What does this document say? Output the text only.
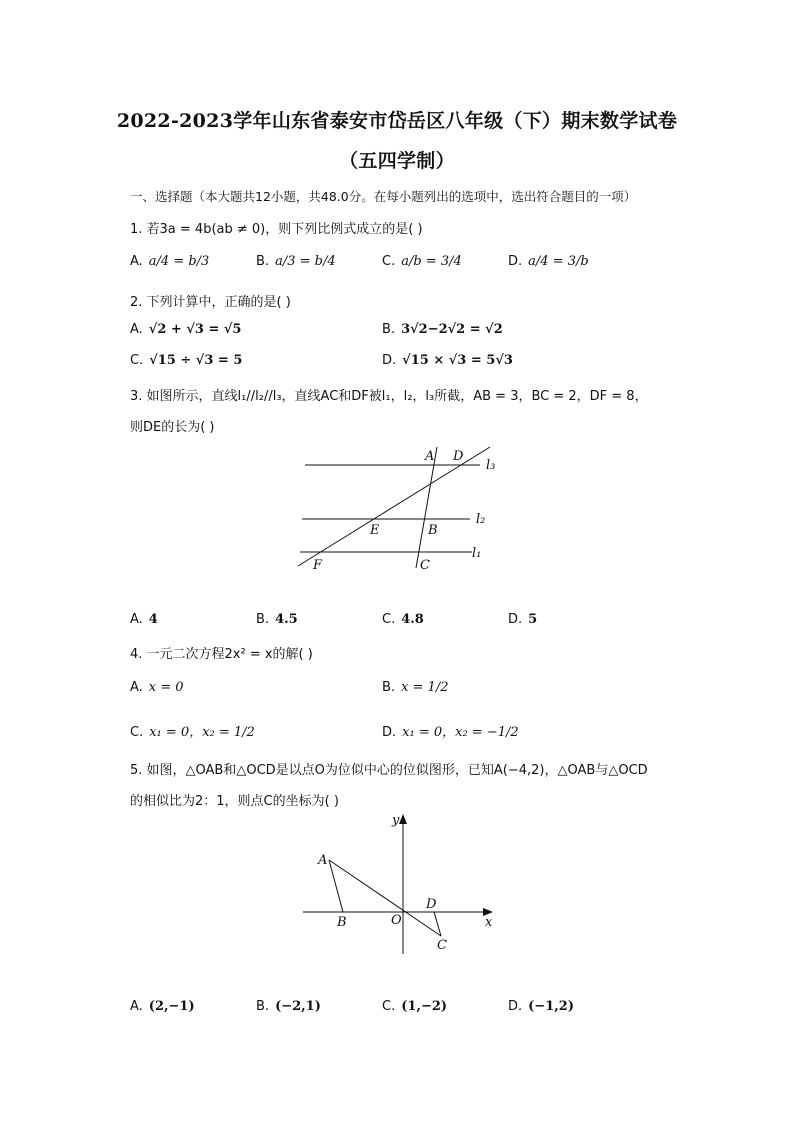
2022-2023学年山东省泰安市岱岳区八年级（下）期末数学试卷
（五四学制）
一、选择题（本大题共12小题，共48.0分。在每小题列出的选项中，选出符合题目的一项）
1. 若3a = 4b(ab ≠ 0)，则下列比例式成立的是( )
A. a/4 = b/3	B. a/3 = b/4	C. a/b = 3/4	D. a/4 = 3/b
2. 下列计算中，正确的是( )
A. √2 + √3 = √5	B. 3√2−2√2 = √2
C. √15 ÷ √3 = 5	D. √15 × √3 = 5√3
3. 如图所示，直线l₁//l₂//l₃，直线AC和DF被l₁，l₂，l₃所截，AB = 3，BC = 2，DF = 8，
则DE的长为( )
A D
l₃
l₂
l₁
E	B
F	C
A. 4	B. 4.5	C. 4.8	D. 5
4. 一元二次方程2x² = x的解( )
A. x = 0	B. x = 1/2
C. x₁ = 0，x₂ = 1/2	D. x₁ = 0，x₂ = −1/2
5. 如图，△OAB和△OCD是以点O为位似中心的位似图形，已知A(−4,2)，△OAB与△OCD
的相似比为2：1，则点C的坐标为( )
y
x
A
B	O
D
C
A. (2,−1)	B. (−2,1)	C. (1,−2)	D. (−1,2)
